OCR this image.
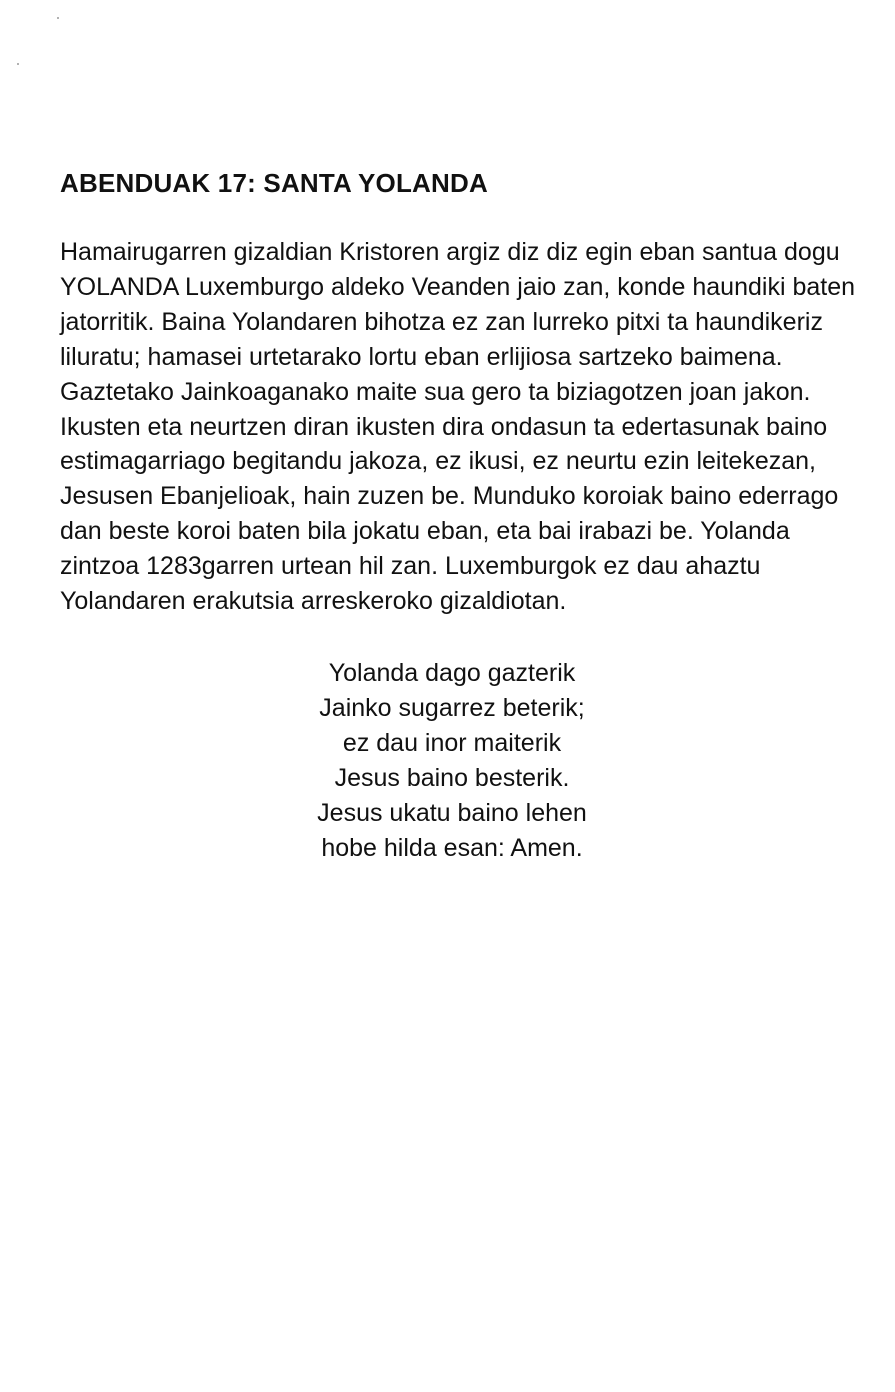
ABENDUAK 17: SANTA YOLANDA
Hamairugarren gizaldian Kristoren argiz diz diz egin eban santua dogu
YOLANDA Luxemburgo aldeko Veanden jaio zan, konde haundiki baten
jatorritik. Baina Yolandaren bihotza ez zan lurreko pitxi ta haundikeriz
liluratu; hamasei urtetarako lortu eban erlijiosa sartzeko baimena.
Gaztetako Jainkoaganako maite sua gero ta biziagotzen joan jakon.
Ikusten eta neurtzen diran ikusten dira ondasun ta edertasunak baino
estimagarriago begitandu jakoza, ez ikusi, ez neurtu ezin leitekezan,
Jesusen Ebanjelioak, hain zuzen be. Munduko koroiak baino ederrago
dan beste koroi baten bila jokatu eban, eta bai irabazi be. Yolanda
zintzoa 1283garren urtean hil zan. Luxemburgok ez dau ahaztu
Yolandaren erakutsia arreskeroko gizaldiotan.
Yolanda dago gazterik
Jainko sugarrez beterik;
ez dau inor maiterik
Jesus baino besterik.
Jesus ukatu baino lehen
hobe hilda esan: Amen.
